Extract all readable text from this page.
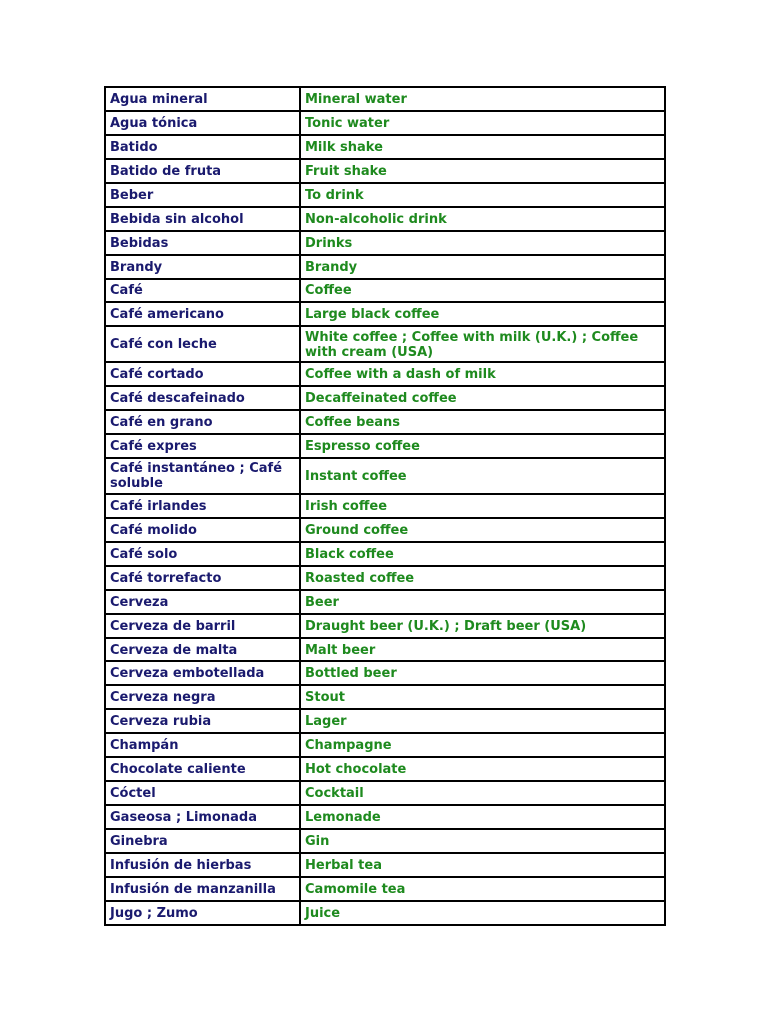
Agua mineral	Mineral water
Agua tónica	Tonic water
Batido	Milk shake
Batido de fruta	Fruit shake
Beber	To drink
Bebida sin alcohol	Non-alcoholic drink
Bebidas	Drinks
Brandy	Brandy
Café	Coffee
Café americano	Large black coffee
Café con leche	White coffee ; Coffee with milk (U.K.) ; Coffee with cream (USA)
Café cortado	Coffee with a dash of milk
Café descafeinado	Decaffeinated coffee
Café en grano	Coffee beans
Café expres	Espresso coffee
Café instantáneo ; Café soluble	Instant coffee
Café irlandes	Irish coffee
Café molido	Ground coffee
Café solo	Black coffee
Café torrefacto	Roasted coffee
Cerveza	Beer
Cerveza de barril	Draught beer (U.K.) ; Draft beer (USA)
Cerveza de malta	Malt beer
Cerveza embotellada	Bottled beer
Cerveza negra	Stout
Cerveza rubia	Lager
Champán	Champagne
Chocolate caliente	Hot chocolate
Cóctel	Cocktail
Gaseosa ; Limonada	Lemonade
Ginebra	Gin
Infusión de hierbas	Herbal tea
Infusión de manzanilla	Camomile tea
Jugo ; Zumo	Juice
